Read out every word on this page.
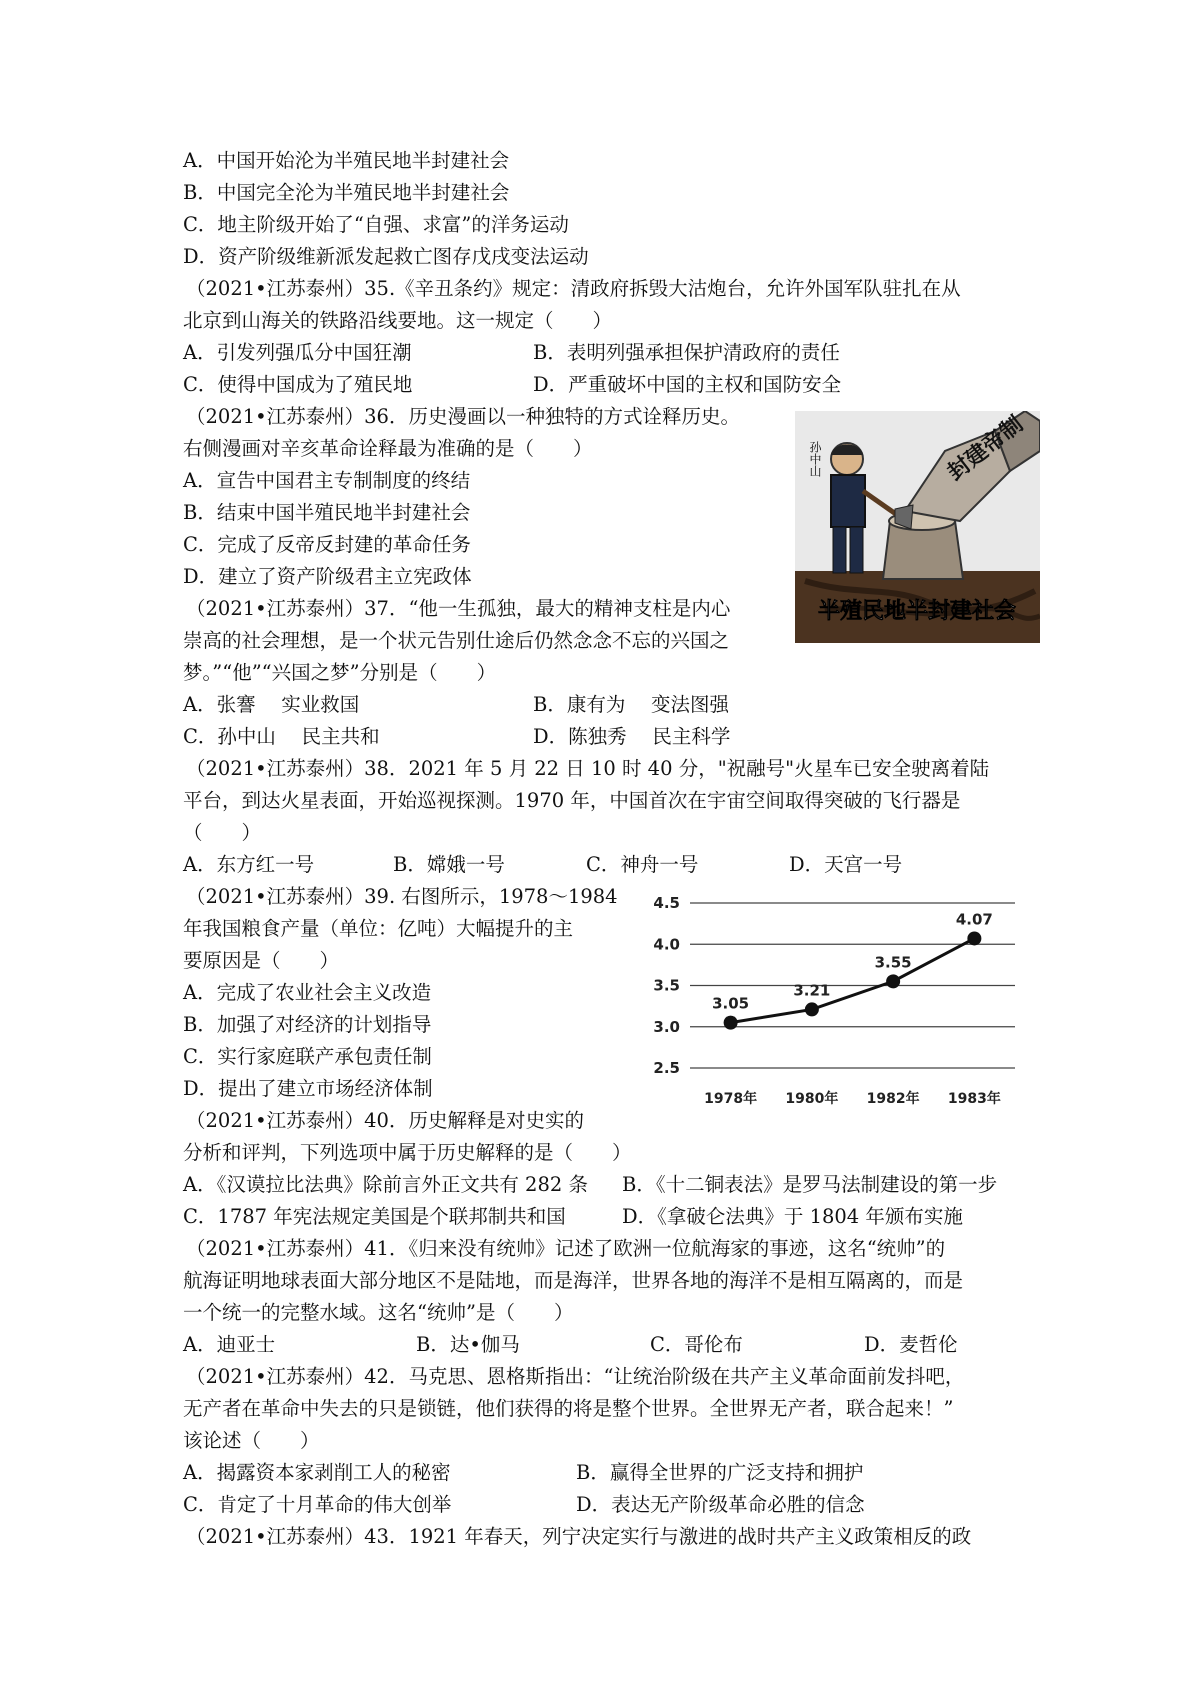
A．中国开始沦为半殖民地半封建社会
B．中国完全沦为半殖民地半封建社会
C．地主阶级开始了“自强、求富”的洋务运动
D．资产阶级维新派发起救亡图存戊戌变法运动
（2021•江苏泰州）35.《辛丑条约》规定：清政府拆毁大沽炮台，允许外国军队驻扎在从
北京到山海关的铁路沿线要地。这一规定（　　）
A．引发列强瓜分中国狂潮	B．表明列强承担保护清政府的责任
C．使得中国成为了殖民地	D．严重破坏中国的主权和国防安全
（2021•江苏泰州）36．历史漫画以一种独特的方式诠释历史。
右侧漫画对辛亥革命诠释最为准确的是（　　）
A．宣告中国君主专制制度的终结
B．结束中国半殖民地半封建社会
C．完成了反帝反封建的革命任务
D．建立了资产阶级君主立宪政体
封建帝制
孙中山
半殖民地半封建社会
（2021•江苏泰州）37．“他一生孤独，最大的精神支柱是内心
崇高的社会理想，是一个状元告别仕途后仍然念念不忘的兴国之
梦。”“他”“兴国之梦”分别是（　　）
A．张謇　 实业救国	B．康有为　 变法图强
C．孙中山　 民主共和	D．陈独秀　 民主科学
（2021•江苏泰州）38．2021 年 5 月 22 日 10 时 40 分，"祝融号"火星车已安全驶离着陆
平台，到达火星表面，开始巡视探测。1970 年，中国首次在宇宙空间取得突破的飞行器是
（　　）
A．东方红一号	B．嫦娥一号	C．神舟一号	D．天宫一号
（2021•江苏泰州）39. 右图所示，1978～1984
年我国粮食产量（单位：亿吨）大幅提升的主
要原因是（　　）
A．完成了农业社会主义改造
B．加强了对经济的计划指导
C．实行家庭联产承包责任制
D．提出了建立市场经济体制
2.5
3.0
3.5
4.0
4.5
1978年 1980年 1982年 1983年
3.05
3.21
3.55
4.07
（2021•江苏泰州）40．历史解释是对史实的
分析和评判，下列选项中属于历史解释的是（　　）
A．《汉谟拉比法典》除前言外正文共有 282 条 B．《十二铜表法》是罗马法制建设的第一步
C．1787 年宪法规定美国是个联邦制共和国	D．《拿破仑法典》于 1804 年颁布实施
（2021•江苏泰州）41．《归来没有统帅》记述了欧洲一位航海家的事迹，这名“统帅”的
航海证明地球表面大部分地区不是陆地，而是海洋，世界各地的海洋不是相互隔离的，而是
一个统一的完整水域。这名“统帅”是（　　）
A．迪亚士	B．达•伽马	C．哥伦布	D．麦哲伦
（2021•江苏泰州）42．马克思、恩格斯指出：“让统治阶级在共产主义革命面前发抖吧，
无产者在革命中失去的只是锁链，他们获得的将是整个世界。全世界无产者，联合起来！”
该论述（　　）
A．揭露资本家剥削工人的秘密	B．赢得全世界的广泛支持和拥护
C．肯定了十月革命的伟大创举	D．表达无产阶级革命必胜的信念
（2021•江苏泰州）43．1921 年春天，列宁决定实行与激进的战时共产主义政策相反的政
